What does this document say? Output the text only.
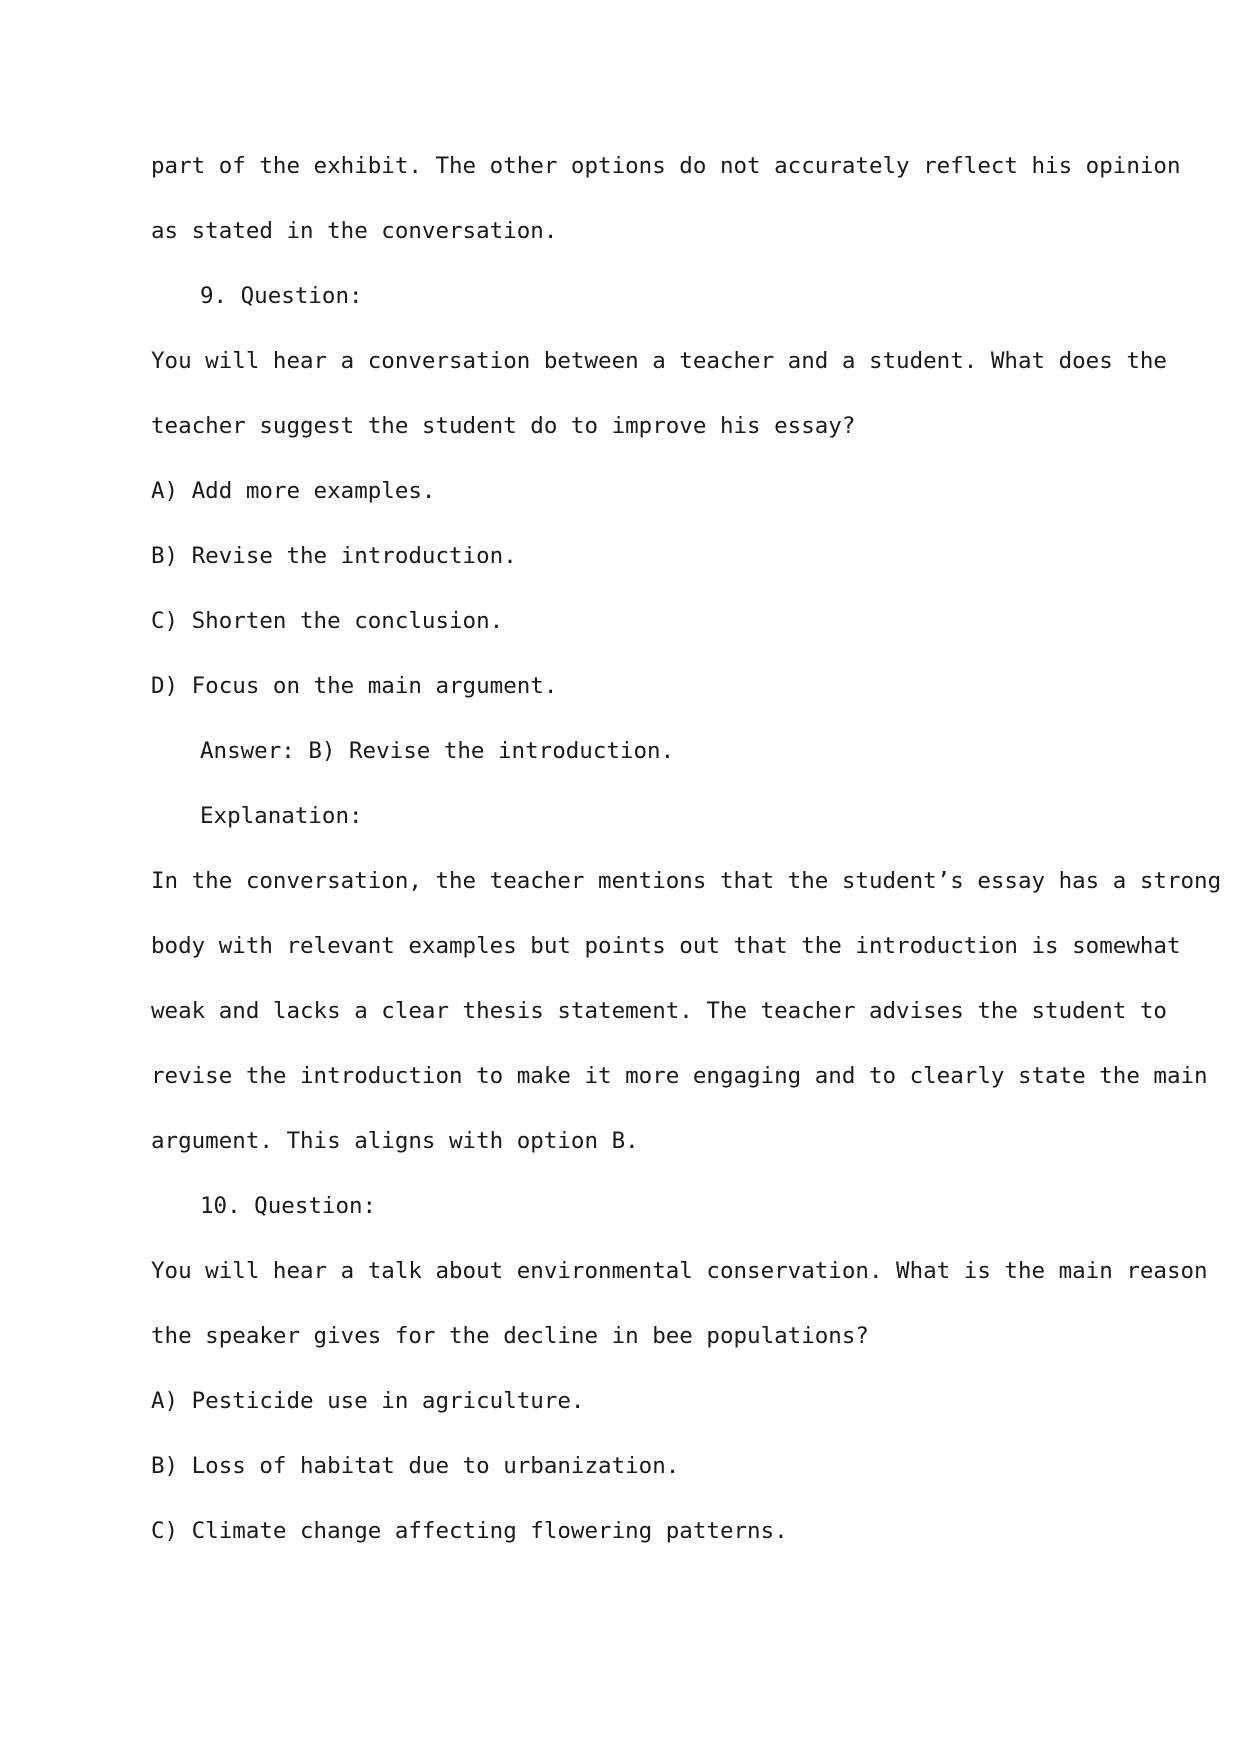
part of the exhibit. The other options do not accurately reflect his opinion
as stated in the conversation.
9. Question:
You will hear a conversation between a teacher and a student. What does the
teacher suggest the student do to improve his essay?
A) Add more examples.
B) Revise the introduction.
C) Shorten the conclusion.
D) Focus on the main argument.
Answer: B) Revise the introduction.
Explanation:
In the conversation, the teacher mentions that the student’s essay has a strong
body with relevant examples but points out that the introduction is somewhat
weak and lacks a clear thesis statement. The teacher advises the student to
revise the introduction to make it more engaging and to clearly state the main
argument. This aligns with option B.
10. Question:
You will hear a talk about environmental conservation. What is the main reason
the speaker gives for the decline in bee populations?
A) Pesticide use in agriculture.
B) Loss of habitat due to urbanization.
C) Climate change affecting flowering patterns.
